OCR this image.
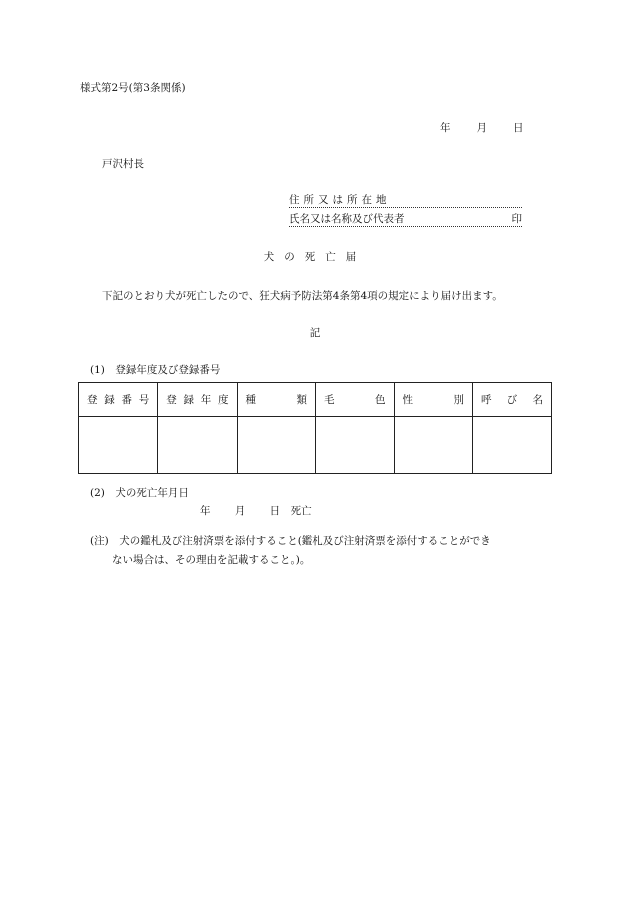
様式第2号(第3条関係)
年 月 日
戸沢村長
住所又は所在地
氏名又は名称及び代表者	印
犬の死亡届
下記のとおり犬が死亡したので、狂犬病予防法第4条第4項の規定により届け出ます。
記
(1)　登録年度及び登録番号
登 録 番 号	登 録 年 度	種 類	毛 色	性 別	呼 び 名

(2)　犬の死亡年月日
年　　 月　　 日　死亡
(注)　犬の鑑札及び注射済票を添付すること(鑑札及び注射済票を添付することができ
ない場合は、その理由を記載すること。)。
